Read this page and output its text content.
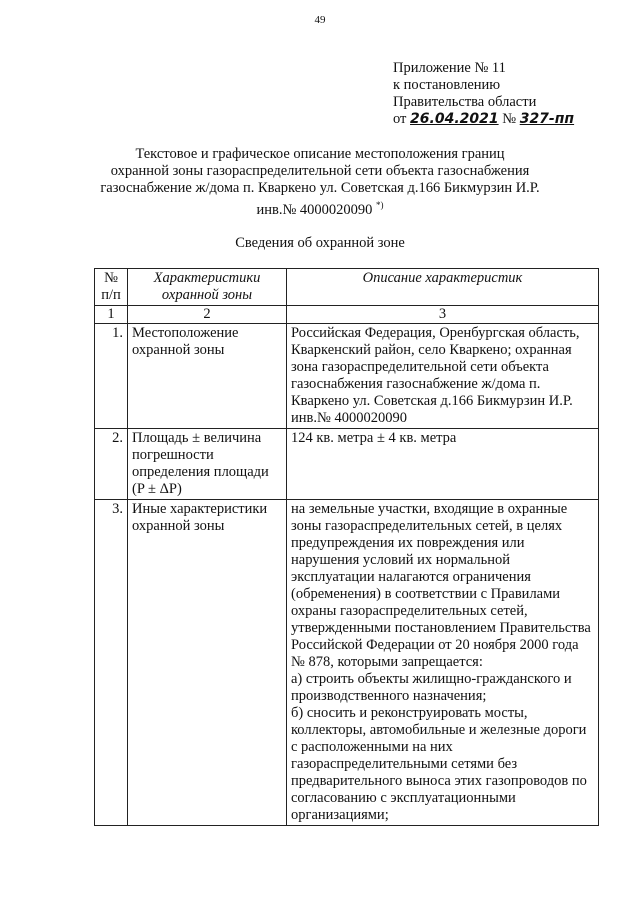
49
Приложение № 11
к постановлению
Правительства области
от 26.04.2021 № 327-пп
Текстовое и графическое описание местоположения границ
охранной зоны газораспределительной сети объекта газоснабжения
газоснабжение ж/дома п. Кваркено ул. Советская д.166 Бикмурзин И.Р.
инв.№ 4000020090 *)
Сведения об охранной зоне
№ п/п	Характеристики охранной зоны	Описание характеристик
1	2	3
1.	Местоположение охранной зоны	Российская Федерация, Оренбургская область, Кваркенский район, село Кваркено; охранная зона газораспределительной сети объекта газоснабжения газоснабжение ж/дома п. Кваркено ул. Советская д.166 Бикмурзин И.Р. инв.№ 4000020090
2.	Площадь ± величина погрешности определения площади (P ± ΔP)	124 кв. метра ± 4 кв. метра
3.	Иные характеристики охранной зоны	на земельные участки, входящие в охранные зоны газораспределительных сетей, в целях предупреждения их повреждения или нарушения условий их нормальной эксплуатации налагаются ограничения (обременения) в соответствии с Правилами охраны газораспределительных сетей, утвержденными постановлением Правительства Российской Федерации от 20 ноября 2000 года № 878, которыми запрещается:
а) строить объекты жилищно-гражданского и производственного назначения;
б) сносить и реконструировать мосты, коллекторы, автомобильные и железные дороги с расположенными на них газораспределительными сетями без предварительного выноса этих газопроводов по согласованию с эксплуатационными организациями;
